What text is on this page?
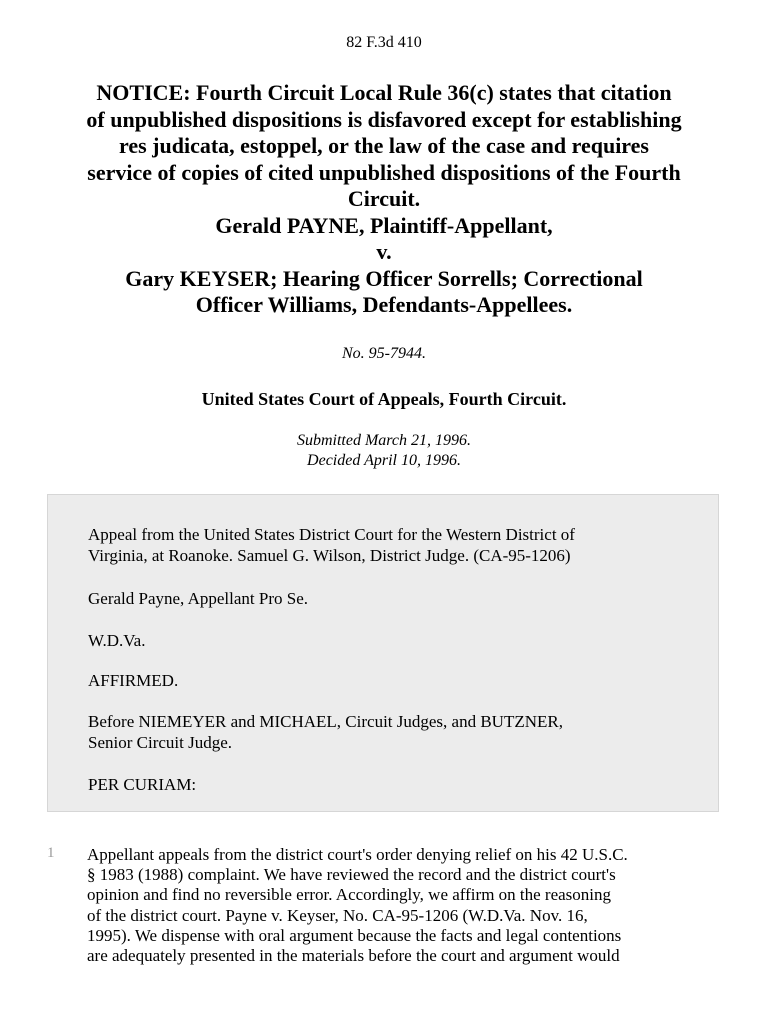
82 F.3d 410
NOTICE: Fourth Circuit Local Rule 36(c) states that citation
of unpublished dispositions is disfavored except for establishing
res judicata, estoppel, or the law of the case and requires
service of copies of cited unpublished dispositions of the Fourth
Circuit.
Gerald PAYNE, Plaintiff-Appellant,
v.
Gary KEYSER; Hearing Officer Sorrells; Correctional
Officer Williams, Defendants-Appellees.
No. 95-7944.
United States Court of Appeals, Fourth Circuit.
Submitted March 21, 1996.
Decided April 10, 1996.
Appeal from the United States District Court for the Western District of
Virginia, at Roanoke. Samuel G. Wilson, District Judge. (CA-95-1206)
Gerald Payne, Appellant Pro Se.
W.D.Va.
AFFIRMED.
Before NIEMEYER and MICHAEL, Circuit Judges, and BUTZNER,
Senior Circuit Judge.
PER CURIAM:
1 Appellant appeals from the district court's order denying relief on his 42 U.S.C.
§ 1983 (1988) complaint. We have reviewed the record and the district court's
opinion and find no reversible error. Accordingly, we affirm on the reasoning
of the district court. Payne v. Keyser, No. CA-95-1206 (W.D.Va. Nov. 16,
1995). We dispense with oral argument because the facts and legal contentions
are adequately presented in the materials before the court and argument would
